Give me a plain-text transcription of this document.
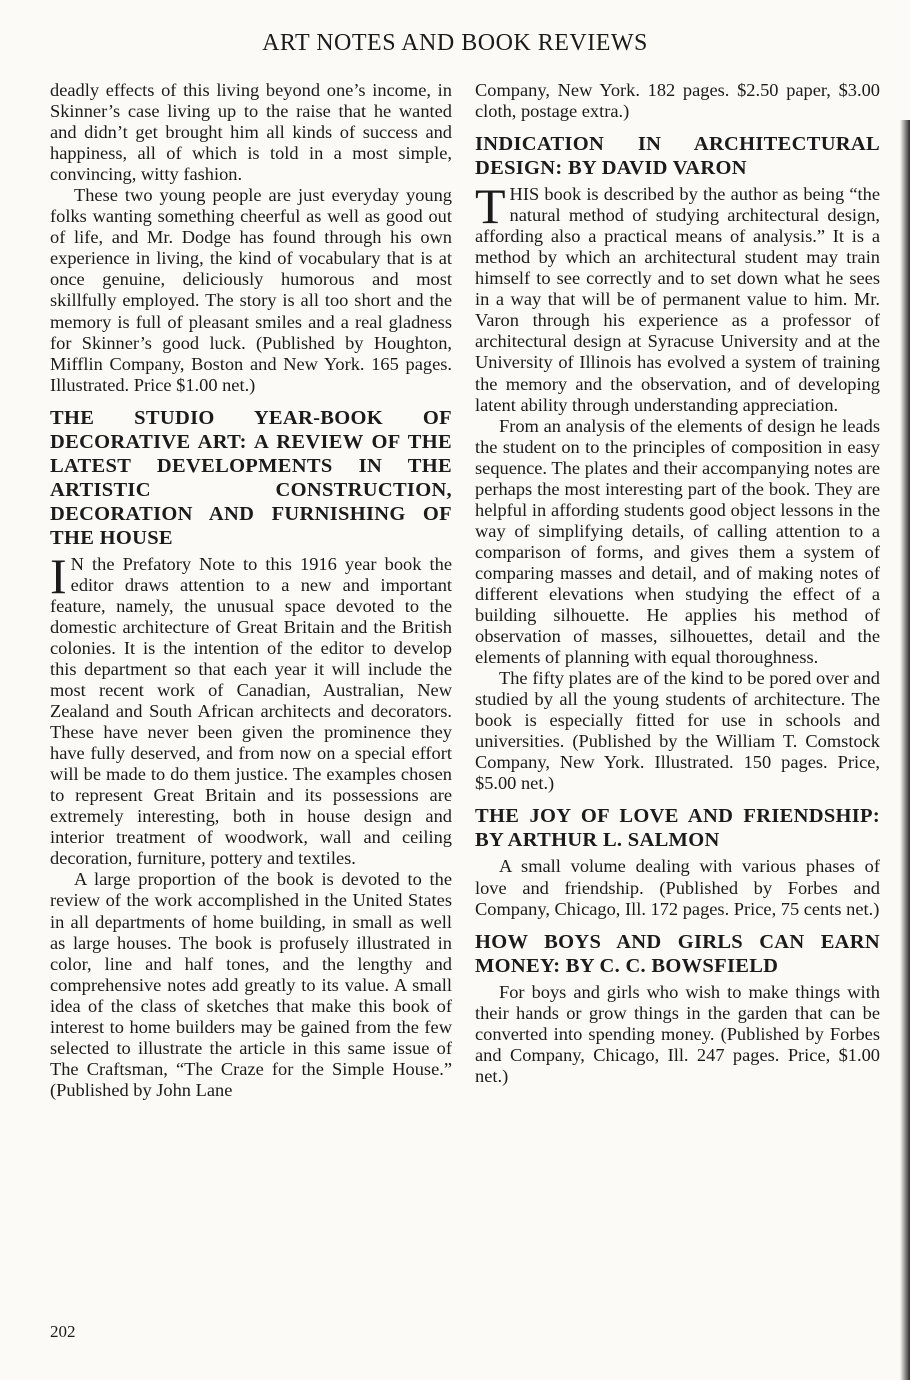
ART NOTES AND BOOK REVIEWS

deadly effects of this living beyond one’s income, in Skinner’s case living up to the raise that he wanted and didn’t get brought him all kinds of success and happiness, all of which is told in a most simple, convincing, witty fashion.

These two young people are just everyday young folks wanting something cheerful as well as good out of life, and Mr. Dodge has found through his own experience in living, the kind of vocabulary that is at once genuine, deliciously humorous and most skillfully employed. The story is all too short and the memory is full of pleasant smiles and a real gladness for Skinner’s good luck. (Published by Houghton, Mifflin Company, Boston and New York. 165 pages. Illustrated. Price $1.00 net.)

THE STUDIO YEAR-BOOK OF DECORATIVE ART: A REVIEW OF THE LATEST DEVELOPMENTS IN THE ARTISTIC CONSTRUCTION, DECORATION AND FURNISHING OF THE HOUSE

I N the Prefatory Note to this 1916 year book the editor draws attention to a new and important feature, namely, the unusual space devoted to the domestic architecture of Great Britain and the British colonies. It is the intention of the editor to develop this department so that each year it will include the most recent work of Canadian, Australian, New Zealand and South African architects and decorators. These have never been given the prominence they have fully deserved, and from now on a special effort will be made to do them justice. The examples chosen to represent Great Britain and its possessions are extremely interesting, both in house design and interior treatment of woodwork, wall and ceiling decoration, furniture, pottery and textiles.

A large proportion of the book is devoted to the review of the work accomplished in the United States in all departments of home building, in small as well as large houses. The book is profusely illustrated in color, line and half tones, and the lengthy and comprehensive notes add greatly to its value. A small idea of the class of sketches that make this book of interest to home builders may be gained from the few selected to illustrate the article in this same issue of The Craftsman, “The Craze for the Simple House.” (Published by John Lane

Company, New York. 182 pages. $2.50 paper, $3.00 cloth, postage extra.)

INDICATION IN ARCHITECTURAL DESIGN: BY DAVID VARON

THIS book is described by the author as being “the natural method of studying architectural design, affording also a practical means of analysis.” It is a method by which an architectural student may train himself to see correctly and to set down what he sees in a way that will be of permanent value to him. Mr. Varon through his experience as a professor of architectural design at Syracuse University and at the University of Illinois has evolved a system of training the memory and the observation, and of developing latent ability through understanding appreciation.

From an analysis of the elements of design he leads the student on to the principles of composition in easy sequence. The plates and their accompanying notes are perhaps the most interesting part of the book. They are helpful in affording students good object lessons in the way of simplifying details, of calling attention to a comparison of forms, and gives them a system of comparing masses and detail, and of making notes of different elevations when studying the effect of a building silhouette. He applies his method of observation of masses, silhouettes, detail and the elements of planning with equal thoroughness.

The fifty plates are of the kind to be pored over and studied by all the young students of architecture. The book is especially fitted for use in schools and universities. (Published by the William T. Comstock Company, New York. Illustrated. 150 pages. Price, $5.00 net.)

THE JOY OF LOVE AND FRIENDSHIP: BY ARTHUR L. SALMON

A small volume dealing with various phases of love and friendship. (Published by Forbes and Company, Chicago, Ill. 172 pages. Price, 75 cents net.)

HOW BOYS AND GIRLS CAN EARN MONEY: BY C. C. BOWSFIELD

For boys and girls who wish to make things with their hands or grow things in the garden that can be converted into spending money. (Published by Forbes and Company, Chicago, Ill. 247 pages. Price, $1.00 net.)

202
